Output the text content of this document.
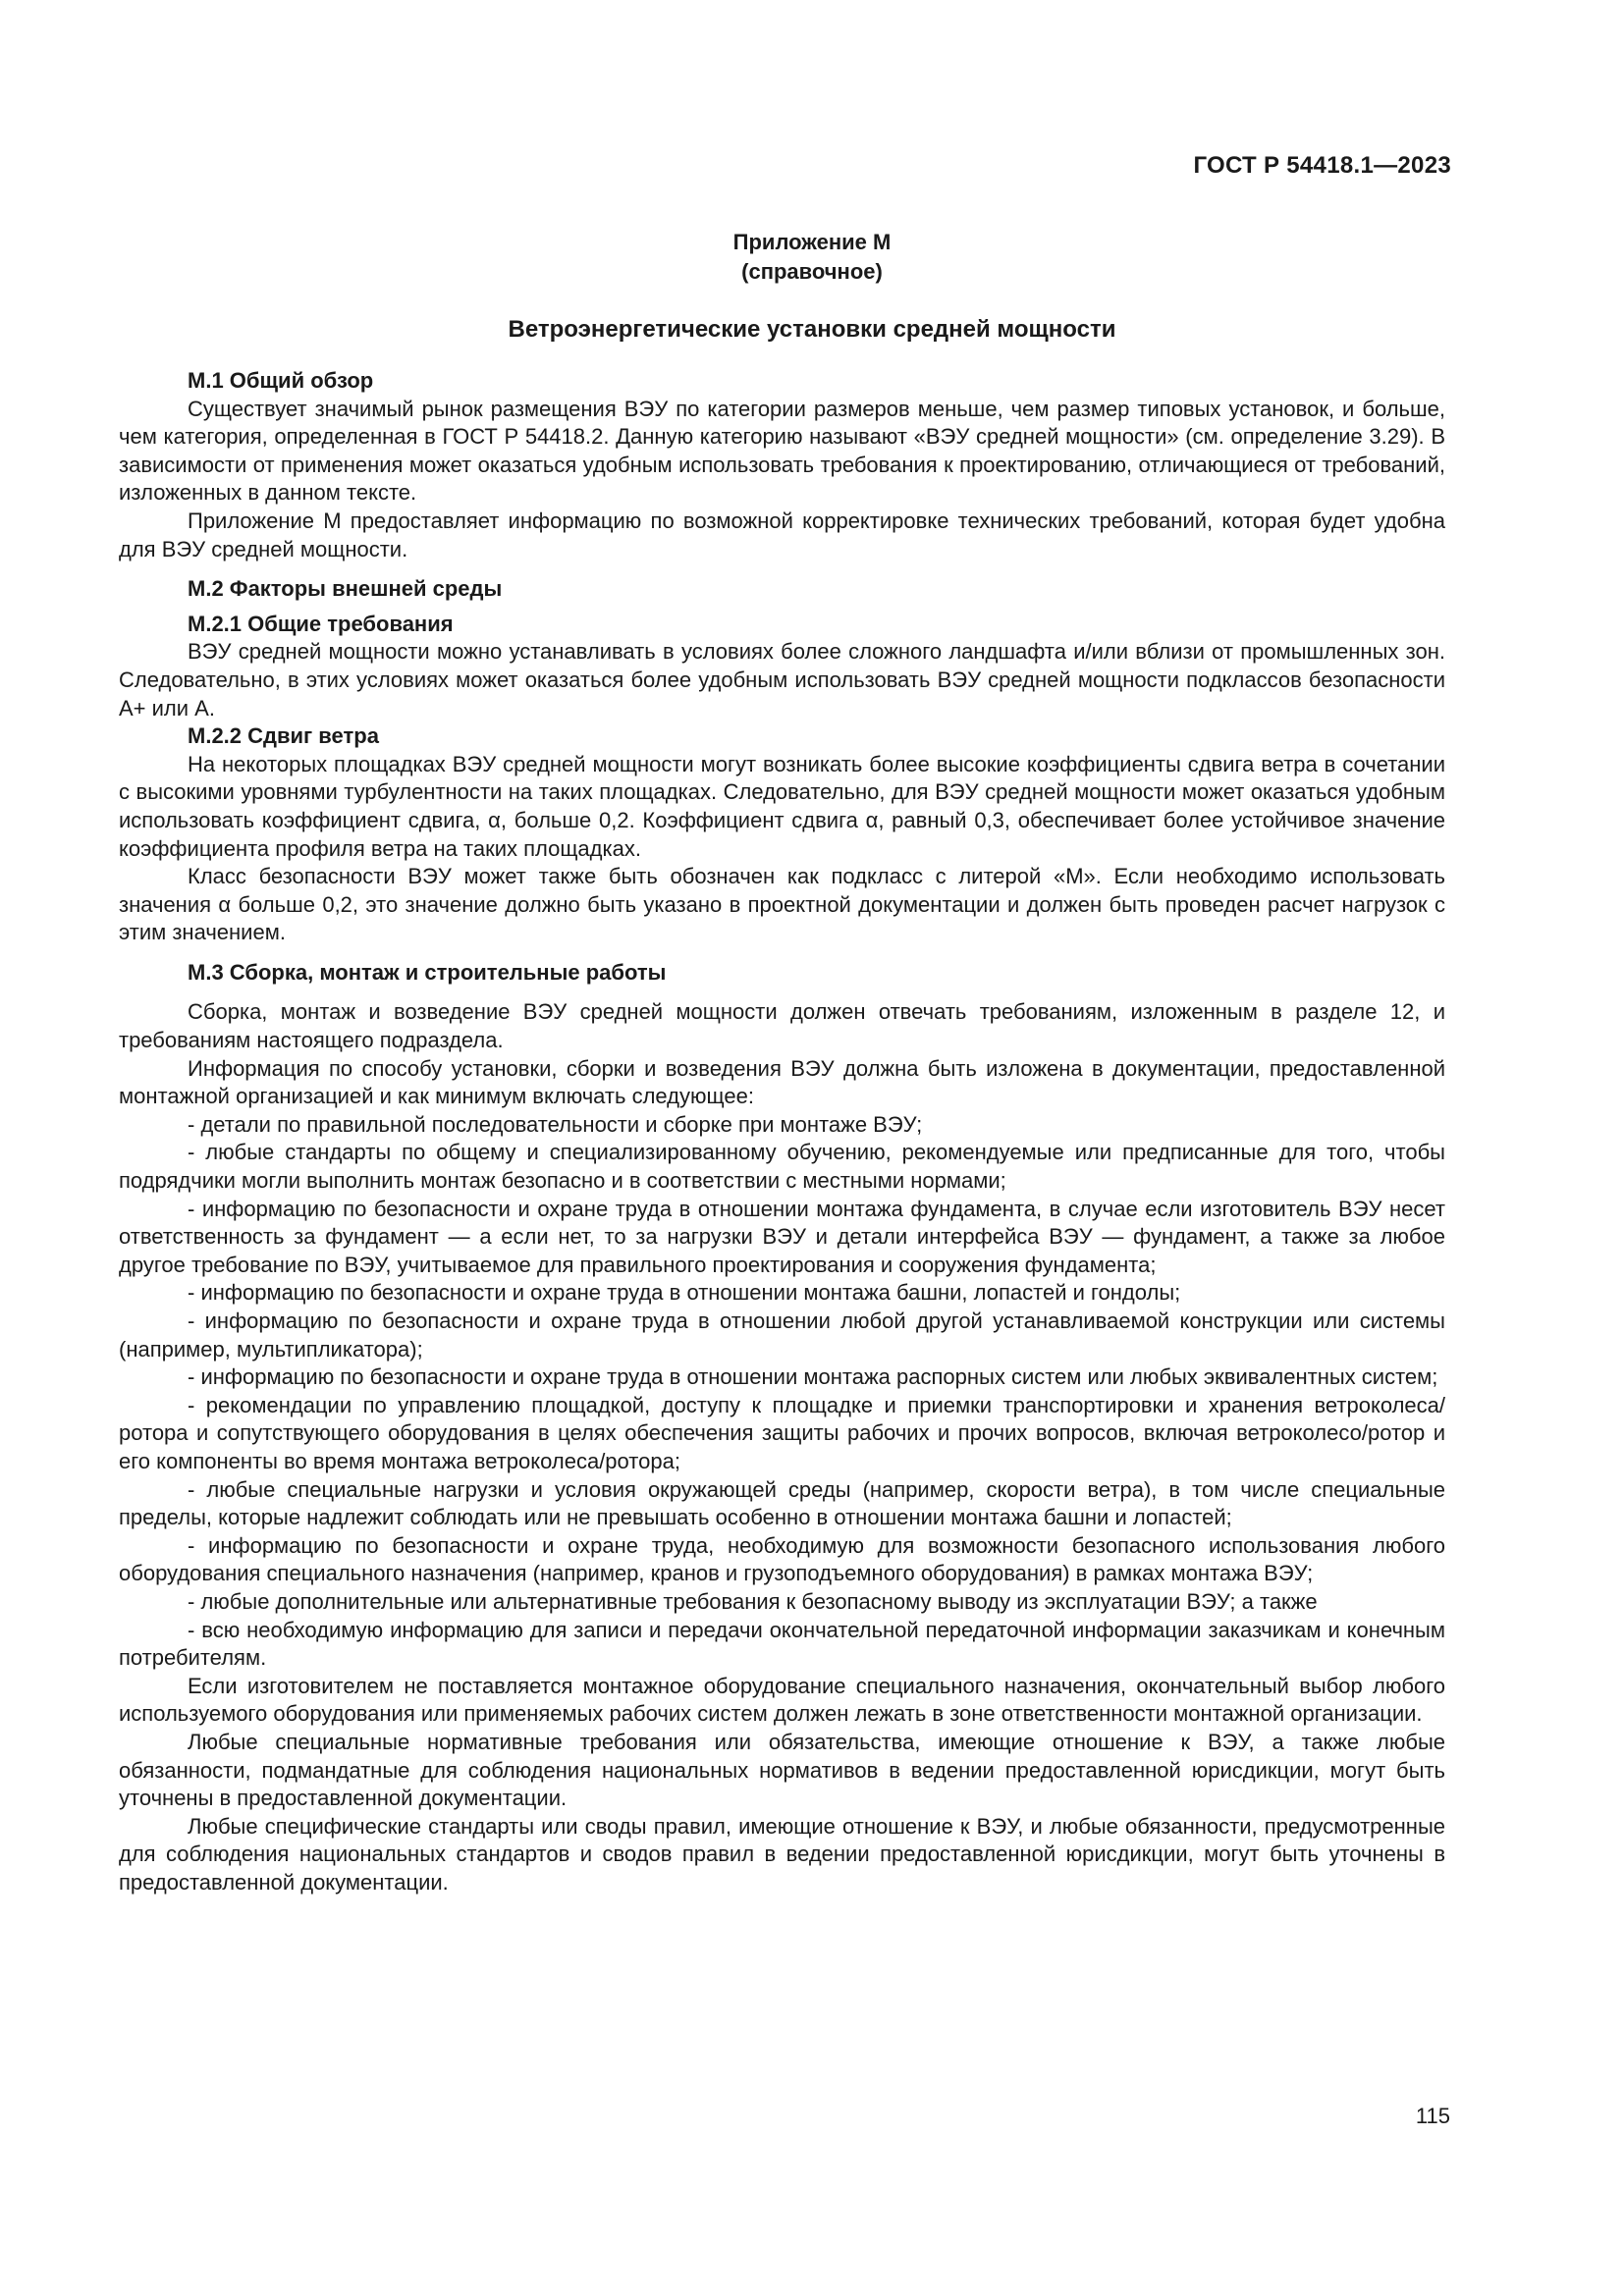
ГОСТ Р 54418.1—2023
Приложение М
(справочное)
Ветроэнергетические установки средней мощности

М.1 Общий обзор

Существует значимый рынок размещения ВЭУ по категории размеров меньше, чем размер типовых установок, и больше, чем категория, определенная в ГОСТ Р 54418.2. Данную категорию называют «ВЭУ средней мощности» (см. определение 3.29). В зависимости от применения может оказаться удобным использовать требования к проектированию, отличающиеся от требований, изложенных в данном тексте.

Приложение М предоставляет информацию по возможной корректировке технических требований, которая будет удобна для ВЭУ средней мощности.

М.2 Факторы внешней среды

М.2.1 Общие требования

ВЭУ средней мощности можно устанавливать в условиях более сложного ландшафта и/или вблизи от промышленных зон. Следовательно, в этих условиях может оказаться более удобным использовать ВЭУ средней мощности подклассов безопасности А+ или А.

М.2.2 Сдвиг ветра

На некоторых площадках ВЭУ средней мощности могут возникать более высокие коэффициенты сдвига ветра в сочетании с высокими уровнями турбулентности на таких площадках. Следовательно, для ВЭУ средней мощности может оказаться удобным использовать коэффициент сдвига, α, больше 0,2. Коэффициент сдвига α, равный 0,3, обеспечивает более устойчивое значение коэффициента профиля ветра на таких площадках.

Класс безопасности ВЭУ может также быть обозначен как подкласс с литерой «М». Если необходимо использовать значения α больше 0,2, это значение должно быть указано в проектной документации и должен быть проведен расчет нагрузок с этим значением.

М.3 Сборка, монтаж и строительные работы

Сборка, монтаж и возведение ВЭУ средней мощности должен отвечать требованиям, изложенным в разделе 12, и требованиям настоящего подраздела.

Информация по способу установки, сборки и возведения ВЭУ должна быть изложена в документации, предоставленной монтажной организацией и как минимум включать следующее:

- детали по правильной последовательности и сборке при монтаже ВЭУ;

- любые стандарты по общему и специализированному обучению, рекомендуемые или предписанные для того, чтобы подрядчики могли выполнить монтаж безопасно и в соответствии с местными нормами;

- информацию по безопасности и охране труда в отношении монтажа фундамента, в случае если изготовитель ВЭУ несет ответственность за фундамент — а если нет, то за нагрузки ВЭУ и детали интерфейса ВЭУ — фундамент, а также за любое другое требование по ВЭУ, учитываемое для правильного проектирования и сооружения фундамента;

- информацию по безопасности и охране труда в отношении монтажа башни, лопастей и гондолы;

- информацию по безопасности и охране труда в отношении любой другой устанавливаемой конструкции или системы (например, мультипликатора);

- информацию по безопасности и охране труда в отношении монтажа распорных систем или любых эквивалентных систем;

- рекомендации по управлению площадкой, доступу к площадке и приемки транспортировки и хранения ветроколеса/ротора и сопутствующего оборудования в целях обеспечения защиты рабочих и прочих вопросов, включая ветроколесо/ротор и его компоненты во время монтажа ветроколеса/ротора;

- любые специальные нагрузки и условия окружающей среды (например, скорости ветра), в том числе специальные пределы, которые надлежит соблюдать или не превышать особенно в отношении монтажа башни и лопастей;

- информацию по безопасности и охране труда, необходимую для возможности безопасного использования любого оборудования специального назначения (например, кранов и грузоподъемного оборудования) в рамках монтажа ВЭУ;

- любые дополнительные или альтернативные требования к безопасному выводу из эксплуатации ВЭУ; а также

- всю необходимую информацию для записи и передачи окончательной передаточной информации заказчикам и конечным потребителям.

Если изготовителем не поставляется монтажное оборудование специального назначения, окончательный выбор любого используемого оборудования или применяемых рабочих систем должен лежать в зоне ответственности монтажной организации.

Любые специальные нормативные требования или обязательства, имеющие отношение к ВЭУ, а также любые обязанности, подмандатные для соблюдения национальных нормативов в ведении предоставленной юрисдикции, могут быть уточнены в предоставленной документации.

Любые специфические стандарты или своды правил, имеющие отношение к ВЭУ, и любые обязанности, предусмотренные для соблюдения национальных стандартов и сводов правил в ведении предоставленной юрисдикции, могут быть уточнены в предоставленной документации.

115
